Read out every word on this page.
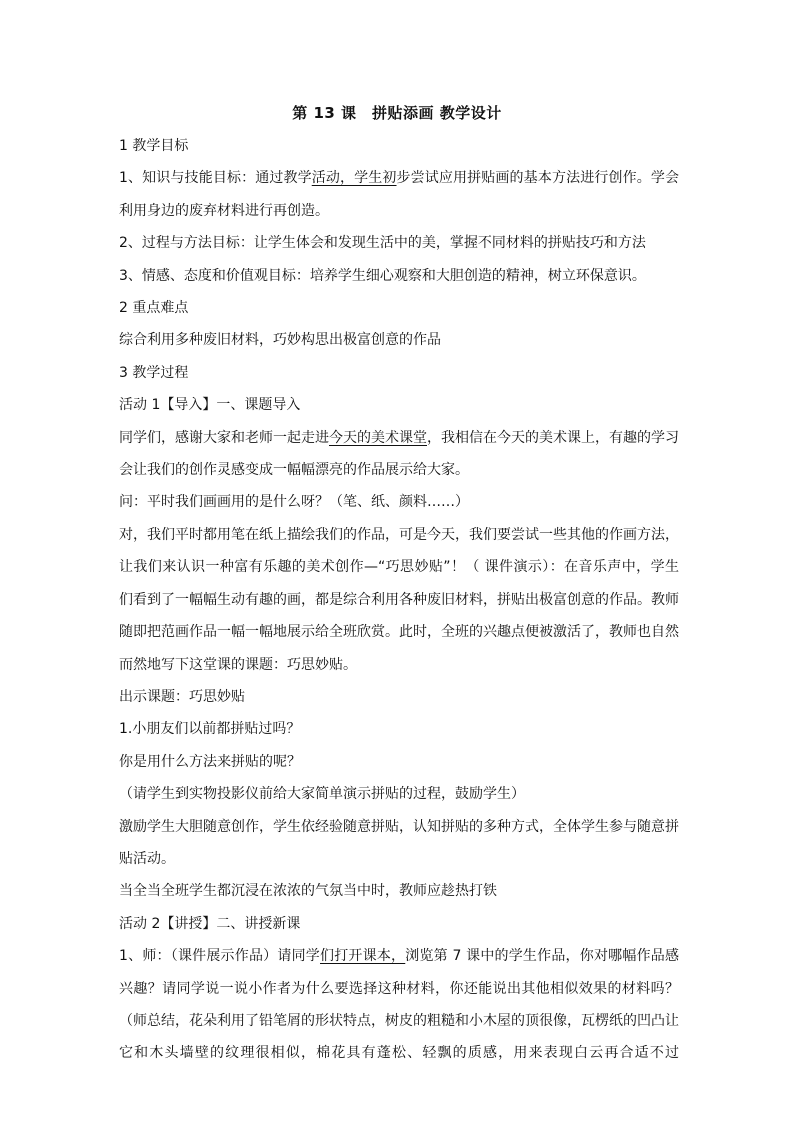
第 13 课　拼贴添画 教学设计
1 教学目标
1、知识与技能目标：通过教学活动，学生初步尝试应用拼贴画的基本方法进行创作。学会
利用身边的废弃材料进行再创造。
2、过程与方法目标：让学生体会和发现生活中的美，掌握不同材料的拼贴技巧和方法
3、情感、态度和价值观目标：培养学生细心观察和大胆创造的精神，树立环保意识。
2 重点难点
综合利用多种废旧材料，巧妙构思出极富创意的作品
3 教学过程
活动 1【导入】一、课题导入
同学们，感谢大家和老师一起走进今天的美术课堂，我相信在今天的美术课上，有趣的学习
会让我们的创作灵感变成一幅幅漂亮的作品展示给大家。
问：平时我们画画用的是什么呀？（笔、纸、颜料……）
对，我们平时都用笔在纸上描绘我们的作品，可是今天，我们要尝试一些其他的作画方法，
让我们来认识一种富有乐趣的美术创作—“巧思妙贴”！（ 课件演示）：在音乐声中，学生
们看到了一幅幅生动有趣的画，都是综合利用各种废旧材料，拼贴出极富创意的作品。教师
随即把范画作品一幅一幅地展示给全班欣赏。此时，全班的兴趣点便被激活了，教师也自然
而然地写下这堂课的课题：巧思妙贴。
出示课题：巧思妙贴
1.小朋友们以前都拼贴过吗？
你是用什么方法来拼贴的呢？
（请学生到实物投影仪前给大家简单演示拼贴的过程，鼓励学生）
激励学生大胆随意创作，学生依经验随意拼贴，认知拼贴的多种方式，全体学生参与随意拼
贴活动。
当全当全班学生都沉浸在浓浓的气氛当中时，教师应趁热打铁
活动 2【讲授】二、讲授新课
1、师：（课件展示作品）请同学们打开课本，浏览第 7 课中的学生作品，你对哪幅作品感
兴趣？请同学说一说小作者为什么要选择这种材料，你还能说出其他相似效果的材料吗？
（师总结，花朵利用了铅笔屑的形状特点，树皮的粗糙和小木屋的顶很像，瓦楞纸的凹凸让
它和木头墙壁的纹理很相似，棉花具有蓬松、轻飘的质感，用来表现白云再合适不过
